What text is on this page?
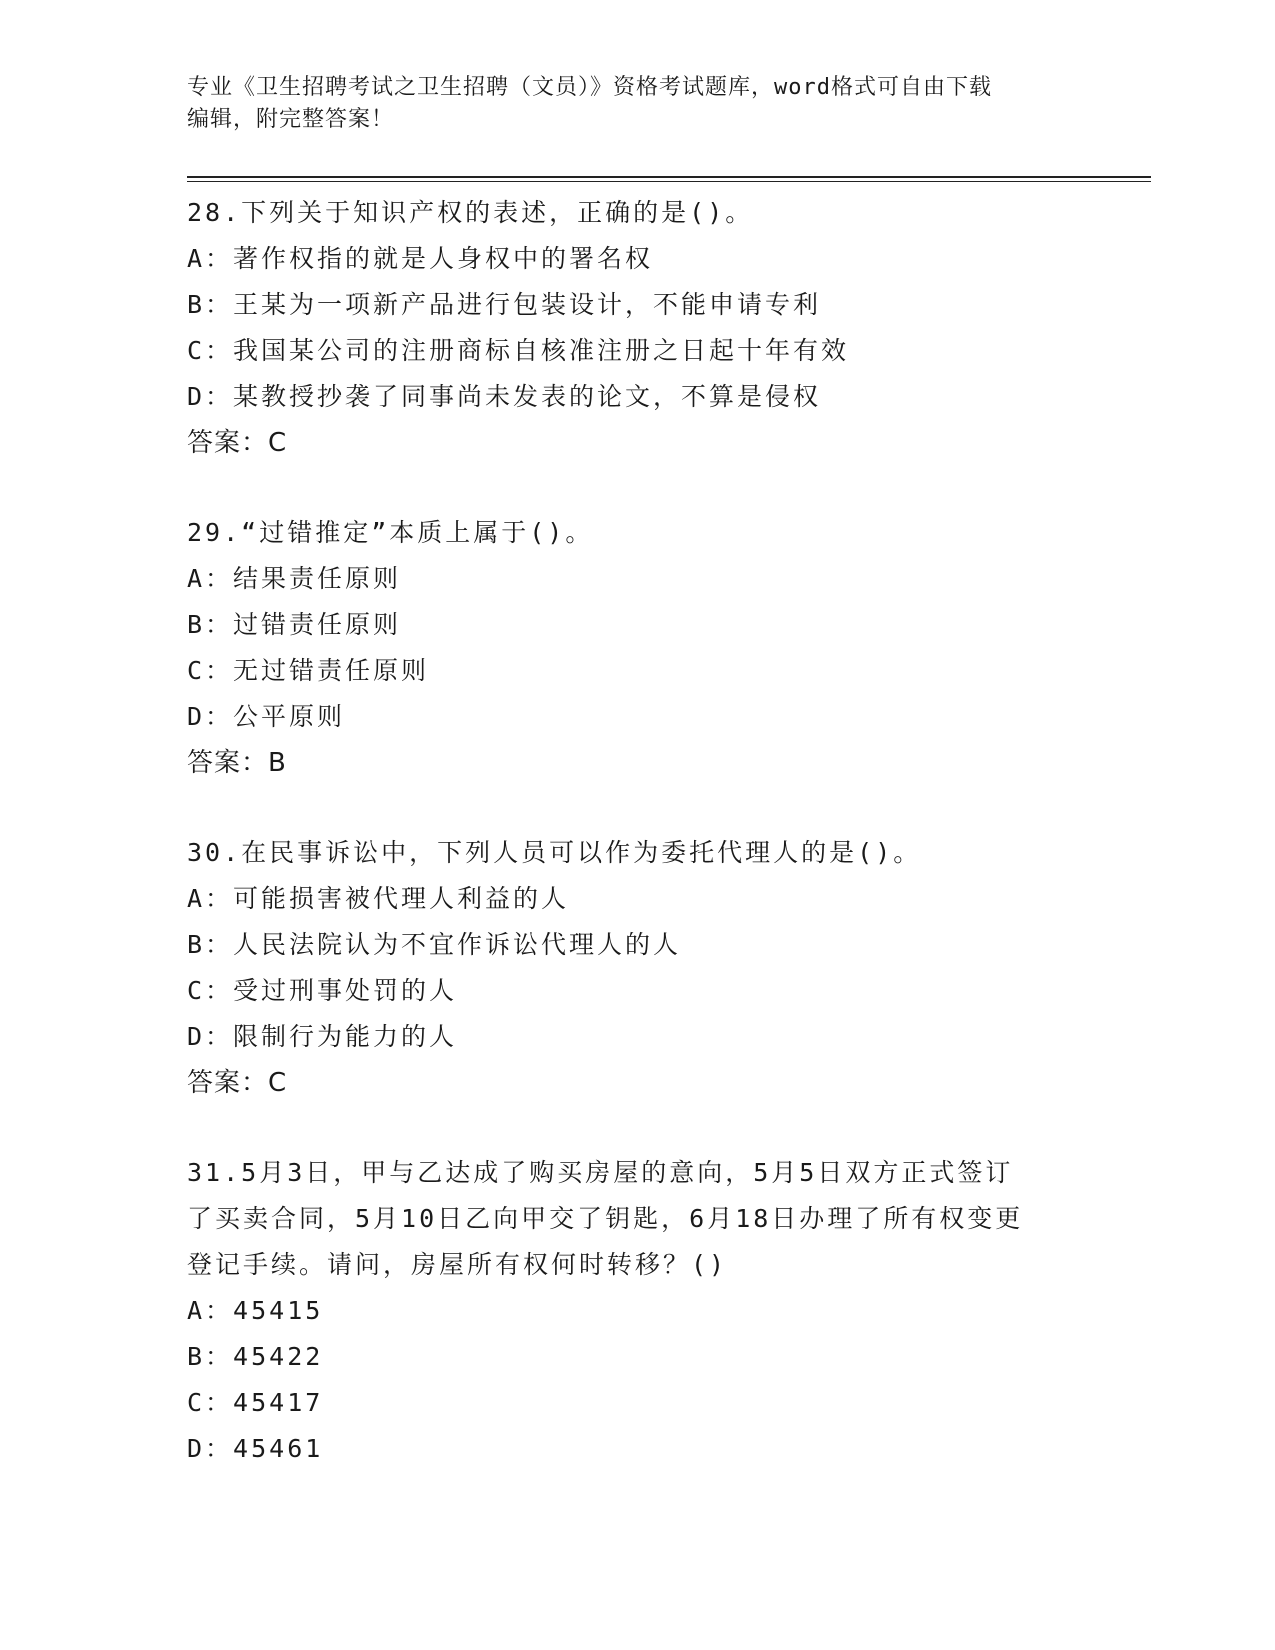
专业《卫生招聘考试之卫生招聘（文员）》资格考试题库，word格式可自由下载
编辑，附完整答案！
28.下列关于知识产权的表述，正确的是()。
A：著作权指的就是人身权中的署名权
B：王某为一项新产品进行包装设计，不能申请专利
C：我国某公司的注册商标自核准注册之日起十年有效
D：某教授抄袭了同事尚未发表的论文，不算是侵权
答案：C
29.“过错推定”本质上属于()。
A：结果责任原则
B：过错责任原则
C：无过错责任原则
D：公平原则
答案：B
30.在民事诉讼中，下列人员可以作为委托代理人的是()。
A：可能损害被代理人利益的人
B：人民法院认为不宜作诉讼代理人的人
C：受过刑事处罚的人
D：限制行为能力的人
答案：C
31.5月3日，甲与乙达成了购买房屋的意向，5月5日双方正式签订
了买卖合同，5月10日乙向甲交了钥匙，6月18日办理了所有权变更
登记手续。请问，房屋所有权何时转移？()
A：45415
B：45422
C：45417
D：45461
